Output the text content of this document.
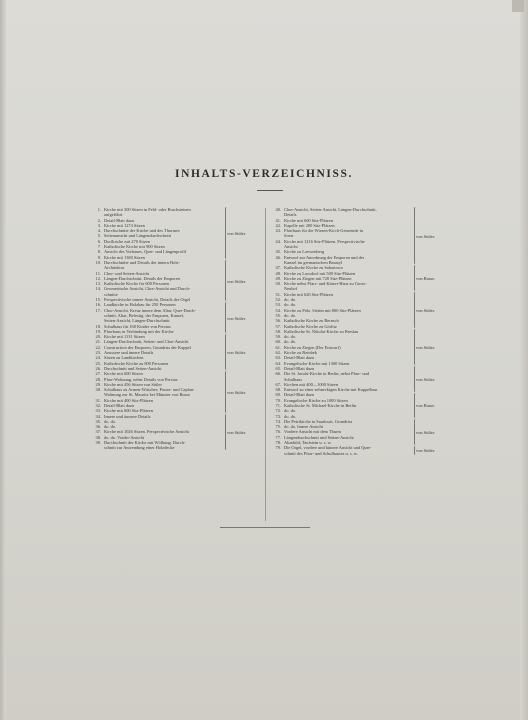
INHALTS-VERZEICHNISS.
1. Kirche mit 300 Sitzen in Feld- oder Bruchsteinen
aufgeführt
2. Detail-Blatt dazu
3. Kirche mit 1274 Sitzen
4. Durchschnitte der Kirche und des Thurmes
5. Seitenansicht und Längendurchschnitt
6. Dorfkirche mit 270 Sitzen
7. Katholische Kirche mit 900 Sitzen
8. Ansicht des Vorbaues, Quer- und Längenprofil
9. Kirche mit 1380 Sitzen
10. Durchschnitte und Details der innern Holz-
Architektur
11. Chor- und Seiten-Ansicht
12. Längen-Durchschnitt. Details der Emporen
13. Katholische Kirche für 600 Personen
14. Geometrische Ansicht, Chor-Ansicht und Durch-
schnitte
15. Perspectivische innere Ansicht, Details der Orgel
16. Landkirche in Holzbau für 250 Personen
17. Chor-Ansicht, Kreuz innere dem Altar, Quer-Durch-
schnitt, Altar, Befestig. der Emporen, Kanzel,
Seiten-Ansicht, Längen-Durchschnitt
18. Schulhaus für 160 Kinder von Persius
19. Pfarrhaus in Verbindung mit der Kirche
20. Kirche mit 1131 Sitzen
21. Längen-Durchschnitt, Seiten- und Chor-Ansicht
22. Construction der Emporen, Grundriss der Kuppel
23. Aeussere und innere Details
24. Sitzen zu Landkirchen
25. Katholische Kirche zu 800 Personen
26. Durchschnitt und Seiten-Ansicht
27. Kirche mit 600 Sitzen
28. Pfarr-Wohnung, nebst Details von Persius
29. Kirche mit 456 Sitzen von Stüler
30. Schulhaus zu Armen-Wäscher; Pastor- und Caplan-
Wohnung zur St. Mauritz bei Münster von Busse
31. Kirche mit 400 Sitz-Plätzen
32. Detail-Blatt dazu
33. Kirche mit 600 Sitz-Plätzen
34. Innere und äussere Details
35. do. do.
36. do. do.
37. Kirche mit 1026 Sitzen. Perspectivische Ansicht
38. do. do. Vorder-Ansicht
39. Durchschnitt der Kirche mit Wölbung. Durch-
schnitt zur Anwendung einer Holzdecke
von Stüler.
von Stüler.
von Stüler.
von Stüler.
von Stüler.
von Stüler.
40. Chor-Ansicht, Seiten-Ansicht, Längen-Durchschnitt,
Details
41. Kirche mit 600 Sitz-Plätzen
42. Kapelle mit 200 Sitz-Plätzen
43. Pfarrhaus für die Wiesen-Kirch-Gemeinde in
Soest
44. Kirche mit 1216 Sitz-Plätzen. Perspectivische
Ansicht
45. Kirche zu Loewenberg
46. Entwurf zur Anordnung der Emporen und der
Kanzel im germanischen Baustyl
47. Katholische Kirche zu Sabartowo
48. Kirche zu Loosdorf mit 500 Sitz-Plätzen
49. Kirche zu Ziegen mit 720 Sitz-Plätzen
50. Kirche nebst Pfarr- und Küster-Haus zu Gross-
Neuhof
51. Kirche mit 620 Sitz-Plätzen
52. do. do.
53. do. do.
54. Kirche zu Pölz. Stettin mit 800 Sitz-Plätzen
55. do. do.
56. Katholische Kirche zu Bernsch
57. Katholische Kirche zu Görlitz
58. Katholische St. Nikolai-Kirche zu Breslau
59. do. do.
60. do. do.
61. Kirche zu Ziegen (Der Entwurf)
62. Kirche zu Reinbek
63. Detail-Blatt dazu
64. Evangelische Kirche mit 1300 Sitzen
65. Detail-Blatt dazu
66. Die St. Jacobi-Kirche in Berlin, nebst Pfarr- und
Schulhaus
67. Kirchen mit 400—1000 Sitzen
68. Entwurf zu einer zehneckigen Kirche mit Kuppelbau
69. Detail-Blatt dazu
70. Evangelische Kirche zu 1000 Sitzen
71. Katholische St. Michael-Kirche in Berlin
72. do. do.
73. do. do.
74. Die Petrikirche in Saarlouis. Grundriss
75. do. do. Innere Ansicht
76. Vordere Ansicht mit dem Thurm
77. Längendurchschnitt und Seiten-Ansicht
78. Altarbild, Taufstein u. s. w.
79. Die Orgel, vordere und hintere Ansicht und Quer-
schnitt des Pfarr- und Schulhauses u. s. w.
von Stüler.
von Busse.
von Stüler.
von Stüler.
von Stüler.
von Busse.
von Stüler.
von Stüler.
